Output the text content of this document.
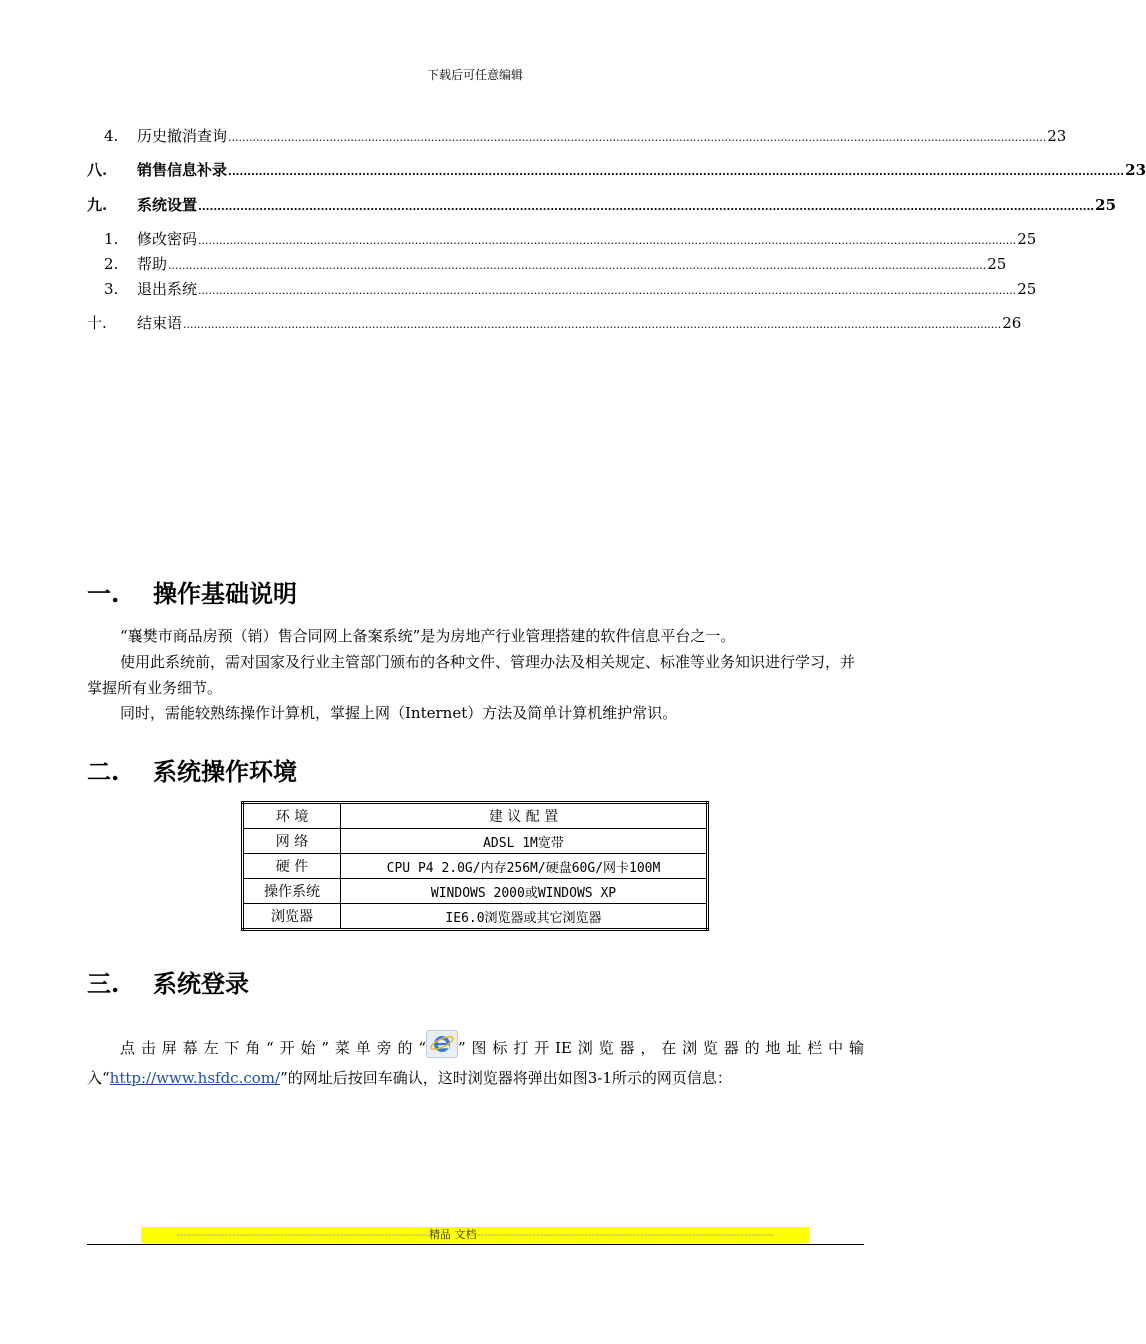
下载后可任意编辑
4.	历史撤消查询 .......................................................................................................................................................................................................................................... 23
八.	销售信息补录 .......................................................................................................................................................................................................................................... 23
九.	系统设置 .......................................................................................................................................................................................................................................... 25
1.	修改密码 .......................................................................................................................................................................................................................................... 25
2.	帮助 .......................................................................................................................................................................................................................................... 25
3.	退出系统 .......................................................................................................................................................................................................................................... 25
十.	结束语 .......................................................................................................................................................................................................................................... 26
一.	操作基础说明
“襄樊市商品房预（销）售合同网上备案系统”是为房地产行业管理搭建的软件信息平台之一。
使用此系统前，需对国家及行业主管部门颁布的各种文件、管理办法及相关规定、标准等业务知识进行学习，并掌握所有业务细节。
同时，需能较熟练操作计算机，掌握上网（Internet）方法及简单计算机维护常识。
二.	系统操作环境
环 境	建 议 配 置
网 络	ADSL 1M宽带
硬 件	CPU P4 2.0G/内存256M/硬盘60G/网卡100M
操作系统	WINDOWS 2000或WINDOWS XP
浏览器	IE6.0浏览器或其它浏览器
三.	系统登录
点击屏幕左下角“开始”菜单旁的“ ”图标打开IE浏览器，在浏览器的地址栏中输入“http://www.hsfdc.com/”的网址后按回车确认，这时浏览器将弹出如图3-1所示的网页信息：
--------------------------------------------------------------------精品 文档--------------------------------------------------------------------------------
